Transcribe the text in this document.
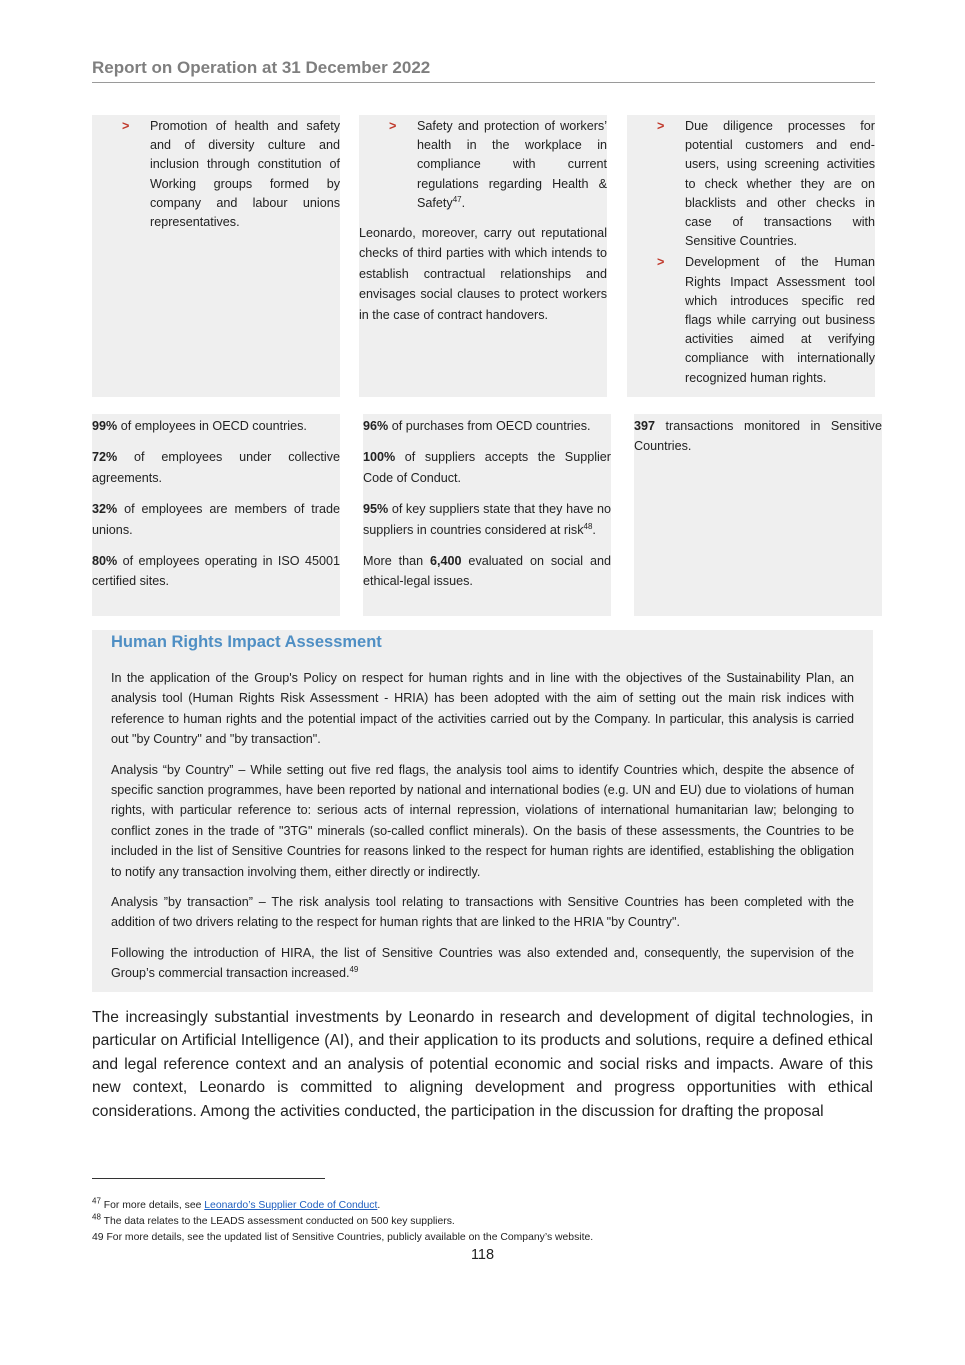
Report on Operation at 31 December 2022
> Promotion of health and safety and of diversity culture and inclusion through constitution of Working groups formed by company and labour unions representatives.
> Safety and protection of workers’ health in the workplace in compliance with current regulations regarding Health & Safety$^{47}$.

Leonardo, moreover, carry out reputational checks of third parties with which intends to establish contractual relationships and envisages social clauses to protect workers in the case of contract handovers.

> Due diligence processes for potential customers and end-users, using screening activities to check whether they are on blacklists and other checks in case of transactions with Sensitive Countries.
> Development of the Human Rights Impact Assessment tool which introduces specific red flags while carrying out business activities aimed at verifying compliance with internationally recognized human rights.

99% of employees in OECD countries.

72% of employees under collective agreements.

32% of employees are members of trade unions.

80% of employees operating in ISO 45001 certified sites.

96% of purchases from OECD countries.

100% of suppliers accepts the Supplier Code of Conduct.

95% of key suppliers state that they have no suppliers in countries considered at risk$^{48}$.

More than 6,400 evaluated on social and ethical-legal issues.

397 transactions monitored in Sensitive Countries.

Human Rights Impact Assessment

In the application of the Group's Policy on respect for human rights and in line with the objectives of the Sustainability Plan, an analysis tool (Human Rights Risk Assessment - HRIA) has been adopted with the aim of setting out the main risk indices with reference to human rights and the potential impact of the activities carried out by the Company. In particular, this analysis is carried out "by Country" and "by transaction".

Analysis “by Country” – While setting out five red flags, the analysis tool aims to identify Countries which, despite the absence of specific sanction programmes, have been reported by national and international bodies (e.g. UN and EU) due to violations of human rights, with particular reference to: serious acts of internal repression, violations of international humanitarian law; belonging to conflict zones in the trade of "3TG" minerals (so-called conflict minerals). On the basis of these assessments, the Countries to be included in the list of Sensitive Countries for reasons linked to the respect for human rights are identified, establishing the obligation to notify any transaction involving them, either directly or indirectly.

Analysis ”by transaction” – The risk analysis tool relating to transactions with Sensitive Countries has been completed with the addition of two drivers relating to the respect for human rights that are linked to the HRIA "by Country".

Following the introduction of HIRA, the list of Sensitive Countries was also extended and, consequently, the supervision of the Group’s commercial transaction increased.$^{49}$

The increasingly substantial investments by Leonardo in research and development of digital technologies, in particular on Artificial Intelligence (AI), and their application to its products and solutions, require a defined ethical and legal reference context and an analysis of potential economic and social risks and impacts. Aware of this new context, Leonardo is committed to aligning development and progress opportunities with ethical considerations. Among the activities conducted, the participation in the discussion for drafting the proposal

$^{47}$ For more details, see Leonardo’s Supplier Code of Conduct.

$^{48}$ The data relates to the LEADS assessment conducted on 500 key suppliers.

49 For more details, see the updated list of Sensitive Countries, publicly available on the Company’s website.

118
